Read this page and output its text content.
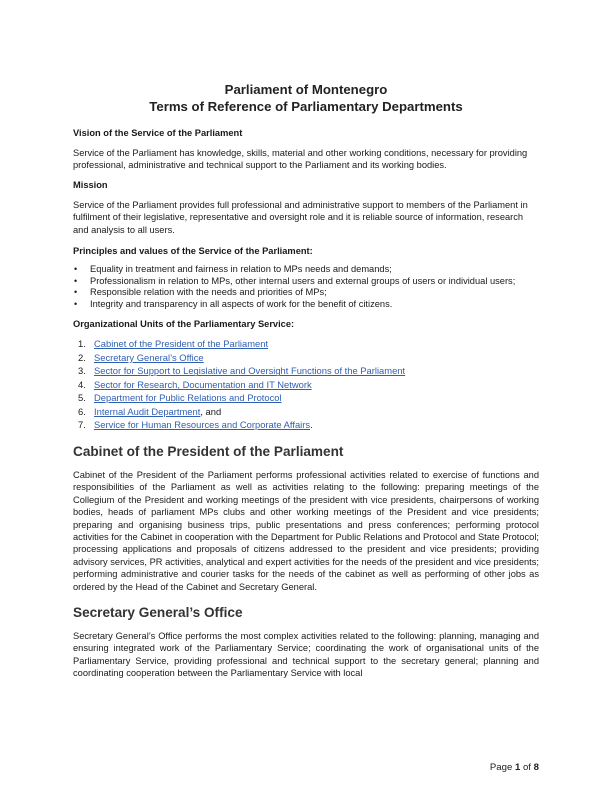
Parliament of Montenegro
Terms of Reference of Parliamentary Departments
Vision of the Service of the Parliament

Service of the Parliament has knowledge, skills, material and other working conditions, necessary for providing professional, administrative and technical support to the Parliament and its working bodies.

Mission

Service of the Parliament provides full professional and administrative support to members of the Parliament in fulfilment of their legislative, representative and oversight role and it is reliable source of information, research and analysis to all users.

Principles and values of the Service of the Parliament:
• Equality in treatment and fairness in relation to MPs needs and demands;
• Professionalism in relation to MPs, other internal users and external groups of users or individual users;
• Responsible relation with the needs and priorities of MPs;
• Integrity and transparency in all aspects of work for the benefit of citizens.
Organizational Units of the Parliamentary Service:
1. Cabinet of the President of the Parliament
2. Secretary General’s Office
3. Sector for Support to Legislative and Oversight Functions of the Parliament
4. Sector for Research, Documentation and IT Network
5. Department for Public Relations and Protocol
6. Internal Audit Department, and
7. Service for Human Resources and Corporate Affairs.
Cabinet of the President of the Parliament

Cabinet of the President of the Parliament performs professional activities related to exercise of functions and responsibilities of the Parliament as well as activities relating to the following: preparing meetings of the Collegium of the President and working meetings of the president with vice presidents, chairpersons of working bodies, heads of parliament MPs clubs and other working meetings of the President and vice presidents; preparing and organising business trips, public presentations and press conferences; performing protocol activities for the Cabinet in cooperation with the Department for Public Relations and Protocol and State Protocol; processing applications and proposals of citizens addressed to the president and vice presidents; providing advisory services, PR activities, analytical and expert activities for the needs of the president and vice presidents; performing administrative and courier tasks for the needs of the cabinet as well as performing of other jobs as ordered by the Head of the Cabinet and Secretary General.

Secretary General’s Office

Secretary General’s Office performs the most complex activities related to the following: planning, managing and ensuring integrated work of the Parliamentary Service; coordinating the work of organisational units of the Parliamentary Service, providing professional and technical support to the secretary general; planning and coordinating cooperation between the Parliamentary Service with local

Page 1 of 8
